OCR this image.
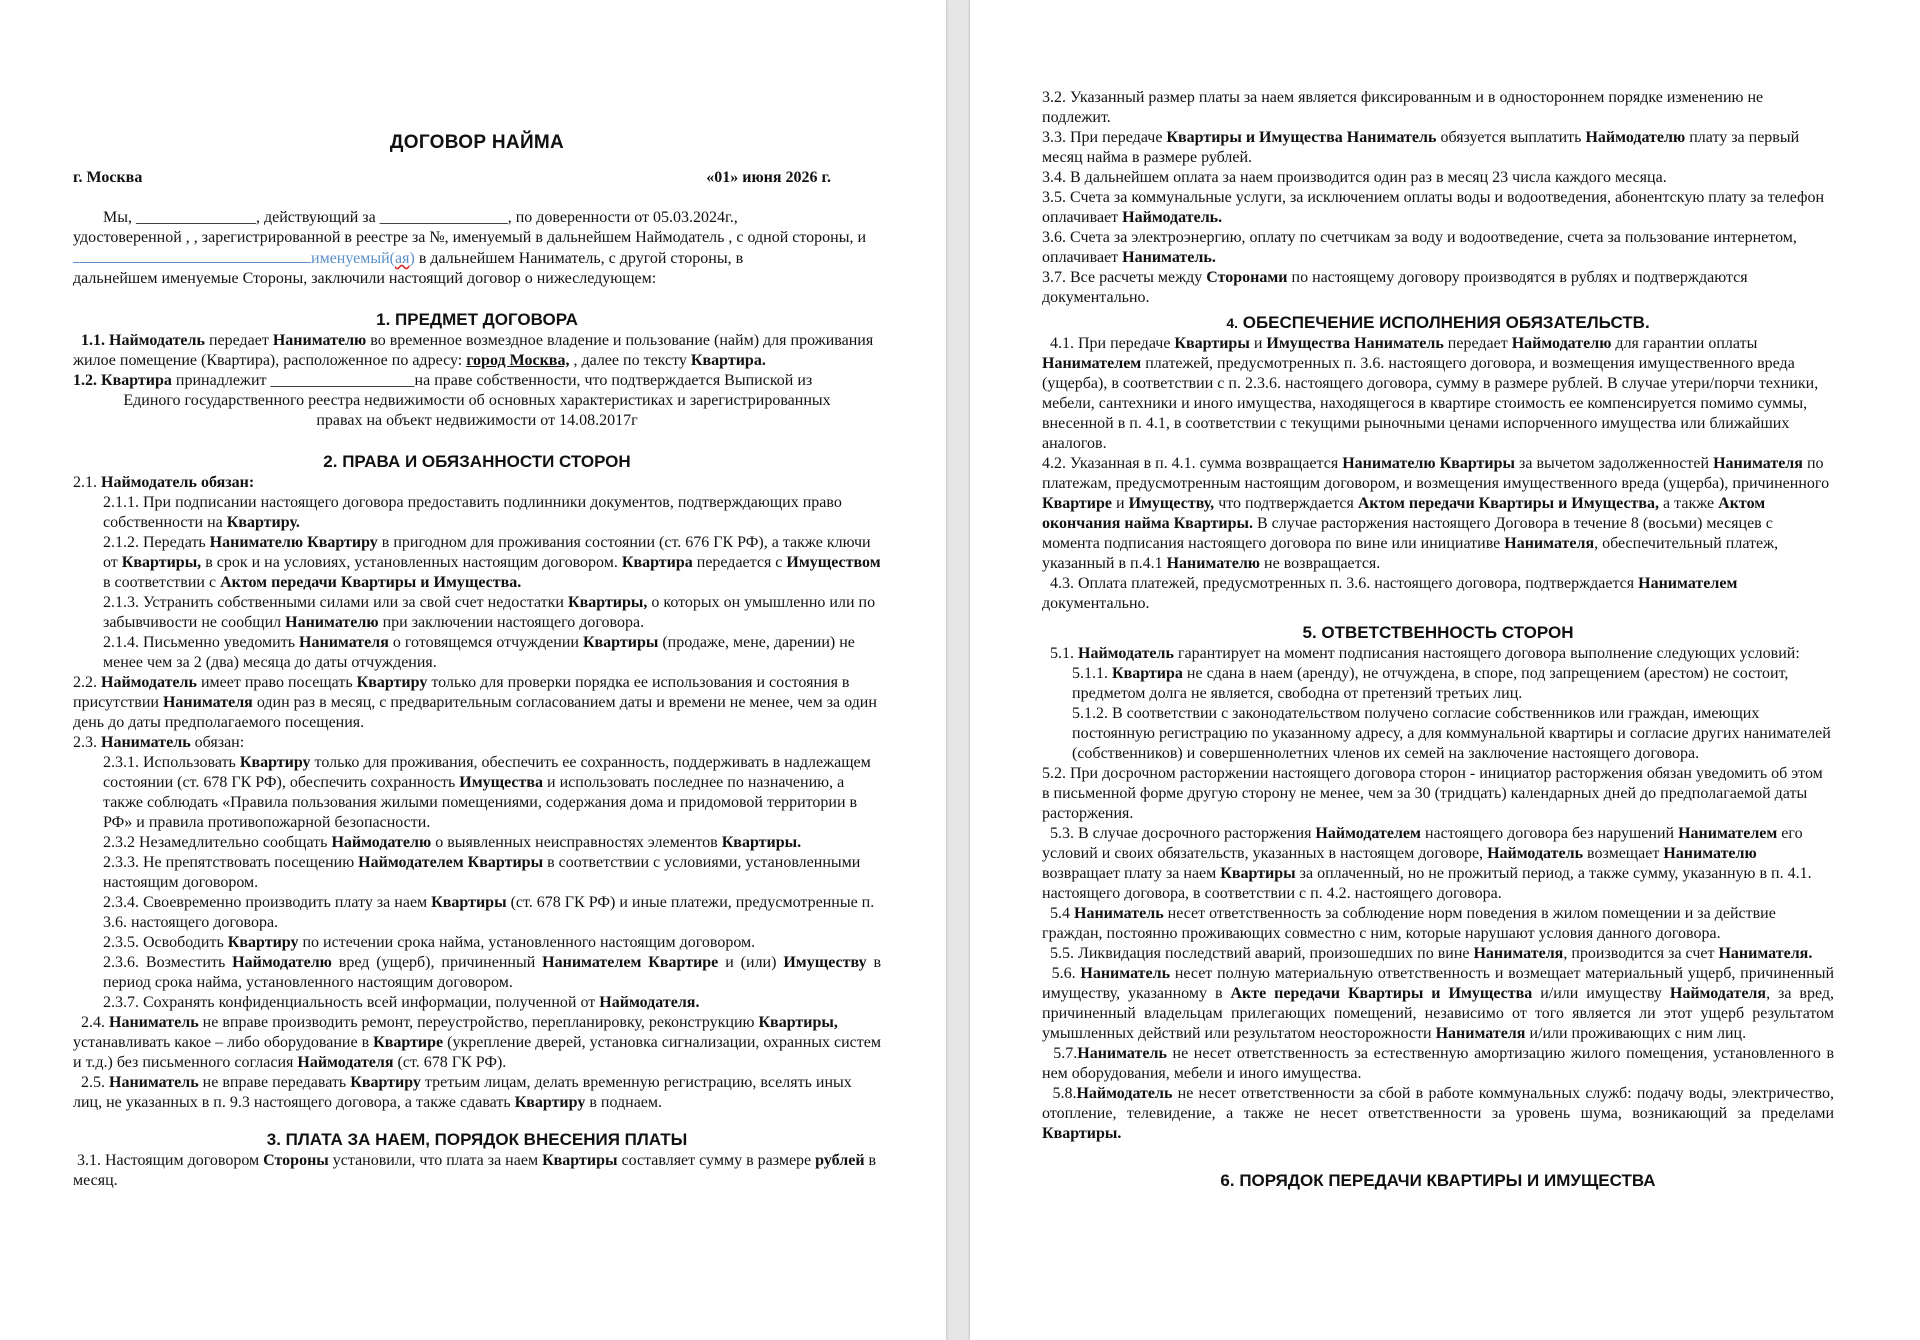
ДОГОВОР НАЙМА
г. Москва	«01» июня 2026 г.

Мы, _______________, действующий за ________________, по доверенности от 05.03.2024г.,

удостоверенной , , зарегистрированной в реестре за №, именуемый в дальнейшем Наймодатель , с одной стороны, и

именуемый(ая) в дальнейшем Наниматель, с другой стороны, в

дальнейшем именуемые Стороны, заключили настоящий договор о нижеследующем:

1. ПРЕДМЕТ ДОГОВОРА

1.1. Наймодатель передает Нанимателю во временное возмездное владение и пользование (найм) для проживания жилое помещение (Квартира), расположенное по адресу: город Москва, , далее по тексту Квартира.

1.2. Квартира принадлежит __________________на праве собственности, что подтверждается Выпиской из

Единого государственного реестра недвижимости об основных характеристиках и зарегистрированных

правах на объект недвижимости от 14.08.2017г

2. ПРАВА И ОБЯЗАННОСТИ СТОРОН

2.1. Наймодатель обязан:

2.1.1. При подписании настоящего договора предоставить подлинники документов, подтверждающих право собственности на Квартиру.

2.1.2. Передать Нанимателю Квартиру в пригодном для проживания состоянии (ст. 676 ГК РФ), а также ключи от Квартиры, в срок и на условиях, установленных настоящим договором. Квартира передается с Имуществом в соответствии с Актом передачи Квартиры и Имущества.

2.1.3. Устранить собственными силами или за свой счет недостатки Квартиры, о которых он умышленно или по забывчивости не сообщил Нанимателю при заключении настоящего договора.

2.1.4. Письменно уведомить Нанимателя о готовящемся отчуждении Квартиры (продаже, мене, дарении) не менее чем за 2 (два) месяца до даты отчуждения.

2.2. Наймодатель имеет право посещать Квартиру только для проверки порядка ее использования и состояния в присутствии Нанимателя один раз в месяц, с предварительным согласованием даты и времени не менее, чем за один день до даты предполагаемого посещения.

2.3. Наниматель обязан:

2.3.1. Использовать Квартиру только для проживания, обеспечить ее сохранность, поддерживать в надлежащем состоянии (ст. 678 ГК РФ), обеспечить сохранность Имущества и использовать последнее по назначению, а также соблюдать «Правила пользования жилыми помещениями, содержания дома и придомовой территории в РФ» и правила противопожарной безопасности.

2.3.2 Незамедлительно сообщать Наймодателю о выявленных неисправностях элементов Квартиры.

2.3.3. Не препятствовать посещению Наймодателем Квартиры в соответствии с условиями, установленными настоящим договором.

2.3.4. Своевременно производить плату за наем Квартиры (ст. 678 ГК РФ) и иные платежи, предусмотренные п. 3.6. настоящего договора.

2.3.5. Освободить Квартиру по истечении срока найма, установленного настоящим договором.

2.3.6. Возместить Наймодателю вред (ущерб), причиненный Нанимателем Квартире и (или) Имуществу в период срока найма, установленного настоящим договором.

2.3.7. Сохранять конфиденциальность всей информации, полученной от Наймодателя.

2.4. Наниматель не вправе производить ремонт, переустройство, перепланировку, реконструкцию Квартиры, устанавливать какое – либо оборудование в Квартире (укрепление дверей, установка сигнализации, охранных систем и т.д.) без письменного согласия Наймодателя (ст. 678 ГК РФ).

2.5. Наниматель не вправе передавать Квартиру третьим лицам, делать временную регистрацию, вселять иных лиц, не указанных в п. 9.3 настоящего договора, а также сдавать Квартиру в поднаем.

3. ПЛАТА ЗА НАЕМ, ПОРЯДОК ВНЕСЕНИЯ ПЛАТЫ

3.1. Настоящим договором Стороны установили, что плата за наем Квартиры составляет сумму в размере рублей в месяц.

3.2. Указанный размер платы за наем является фиксированным и в одностороннем порядке изменению не подлежит.

3.3. При передаче Квартиры и Имущества Наниматель обязуется выплатить Наймодателю плату за первый месяц найма в размере рублей.

3.4. В дальнейшем оплата за наем производится один раз в месяц 23 числа каждого месяца.

3.5. Счета за коммунальные услуги, за исключением оплаты воды и водоотведения, абонентскую плату за телефон оплачивает Наймодатель.

3.6. Счета за электроэнергию, оплату по счетчикам за воду и водоотведение, счета за пользование интернетом, оплачивает Наниматель.

3.7. Все расчеты между Сторонами по настоящему договору производятся в рублях и подтверждаются документально.

4. ОБЕСПЕЧЕНИЕ ИСПОЛНЕНИЯ ОБЯЗАТЕЛЬСТВ.

4.1. При передаче Квартиры и Имущества Наниматель передает Наймодателю для гарантии оплаты Нанимателем платежей, предусмотренных п. 3.6. настоящего договора, и возмещения имущественного вреда (ущерба), в соответствии с п. 2.3.6. настоящего договора, сумму в размере рублей. В случае утери/порчи техники, мебели, сантехники и иного имущества, находящегося в квартире стоимость ее компенсируется помимо суммы, внесенной в п. 4.1, в соответствии с текущими рыночными ценами испорченного имущества или ближайших аналогов.

4.2. Указанная в п. 4.1. сумма возвращается Нанимателю Квартиры за вычетом задолженностей Нанимателя по платежам, предусмотренным настоящим договором, и возмещения имущественного вреда (ущерба), причиненного Квартире и Имуществу, что подтверждается Актом передачи Квартиры и Имущества, а также Актом окончания найма Квартиры. В случае расторжения настоящего Договора в течение 8 (восьми) месяцев с момента подписания настоящего договора по вине или инициативе Нанимателя, обеспечительный платеж, указанный в п.4.1 Нанимателю не возвращается.

4.3. Оплата платежей, предусмотренных п. 3.6. настоящего договора, подтверждается Нанимателем документально.

5. ОТВЕТСТВЕННОСТЬ СТОРОН

5.1. Наймодатель гарантирует на момент подписания настоящего договора выполнение следующих условий:

5.1.1. Квартира не сдана в наем (аренду), не отчуждена, в споре, под запрещением (арестом) не состоит, предметом долга не является, свободна от претензий третьих лиц.

5.1.2. В соответствии с законодательством получено согласие собственников или граждан, имеющих постоянную регистрацию по указанному адресу, а для коммунальной квартиры и согласие других нанимателей (собственников) и совершеннолетних членов их семей на заключение настоящего договора.

5.2. При досрочном расторжении настоящего договора сторон - инициатор расторжения обязан уведомить об этом в письменной форме другую сторону не менее, чем за 30 (тридцать) календарных дней до предполагаемой даты расторжения.

5.3. В случае досрочного расторжения Наймодателем настоящего договора без нарушений Нанимателем его условий и своих обязательств, указанных в настоящем договоре, Наймодатель возмещает Нанимателю возвращает плату за наем Квартиры за оплаченный, но не прожитый период, а также сумму, указанную в п. 4.1. настоящего договора, в соответствии с п. 4.2. настоящего договора.

5.4 Наниматель несет ответственность за соблюдение норм поведения в жилом помещении и за действие граждан, постоянно проживающих совместно с ним, которые нарушают условия данного договора.

5.5. Ликвидация последствий аварий, произошедших по вине Нанимателя, производится за счет Нанимателя.

5.6. Наниматель несет полную материальную ответственность и возмещает материальный ущерб, причиненный имуществу, указанному в Акте передачи Квартиры и Имущества и/или имуществу Наймодателя, за вред, причиненный владельцам прилегающих помещений, независимо от того является ли этот ущерб результатом умышленных действий или результатом неосторожности Нанимателя и/или проживающих с ним лиц.

5.7.Наниматель не несет ответственность за естественную амортизацию жилого помещения, установленного в нем оборудования, мебели и иного имущества.

5.8.Наймодатель не несет ответственности за сбой в работе коммунальных служб: подачу воды, электричество, отопление, телевидение, а также не несет ответственности за уровень шума, возникающий за пределами Квартиры.

6. ПОРЯДОК ПЕРЕДАЧИ КВАРТИРЫ И ИМУЩЕСТВА
